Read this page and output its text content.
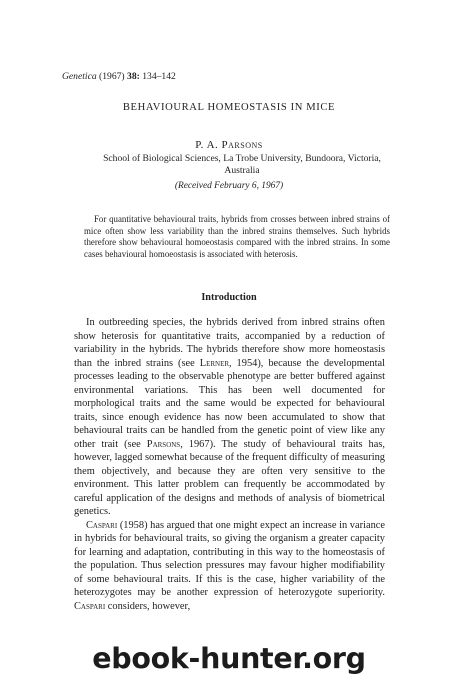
Genetica (1967) 38: 134–142
BEHAVIOURAL HOMEOSTASIS IN MICE
P. A. Parsons
School of Biological Sciences, La Trobe University, Bundoora, Victoria,
Australia
(Received February 6, 1967)
For quantitative behavioural traits, hybrids from crosses between inbred strains of mice often show less variability than the inbred strains themselves. Such hybrids therefore show behavioural homoeostasis compared with the inbred strains. In some cases behavioural homoeostasis is associated with heterosis.
Introduction

In outbreeding species, the hybrids derived from inbred strains often show heterosis for quantitative traits, accompanied by a reduction of variability in the hybrids. The hybrids therefore show more homeostasis than the inbred strains (see Lerner, 1954), because the developmental processes leading to the observable phenotype are better buffered against environmental variations. This has been well documented for morphological traits and the same would be expected for behavioural traits, since enough evidence has now been accumulated to show that behavioural traits can be handled from the genetic point of view like any other trait (see Parsons, 1967). The study of behavioural traits has, however, lagged somewhat because of the frequent difficulty of measuring them objectively, and because they are often very sensitive to the environment. This latter problem can frequently be accommodated by careful application of the designs and methods of analysis of biometrical genetics.

Caspari (1958) has argued that one might expect an increase in variance in hybrids for behavioural traits, so giving the organism a greater capacity for learning and adaptation, contributing in this way to the homeostasis of the population. Thus selection pressures may favour higher modifiability of some behavioural traits. If this is the case, higher variability of the heterozygotes may be another expression of heterozygote superiority. Caspari considers, however,

ebook-hunter.org
